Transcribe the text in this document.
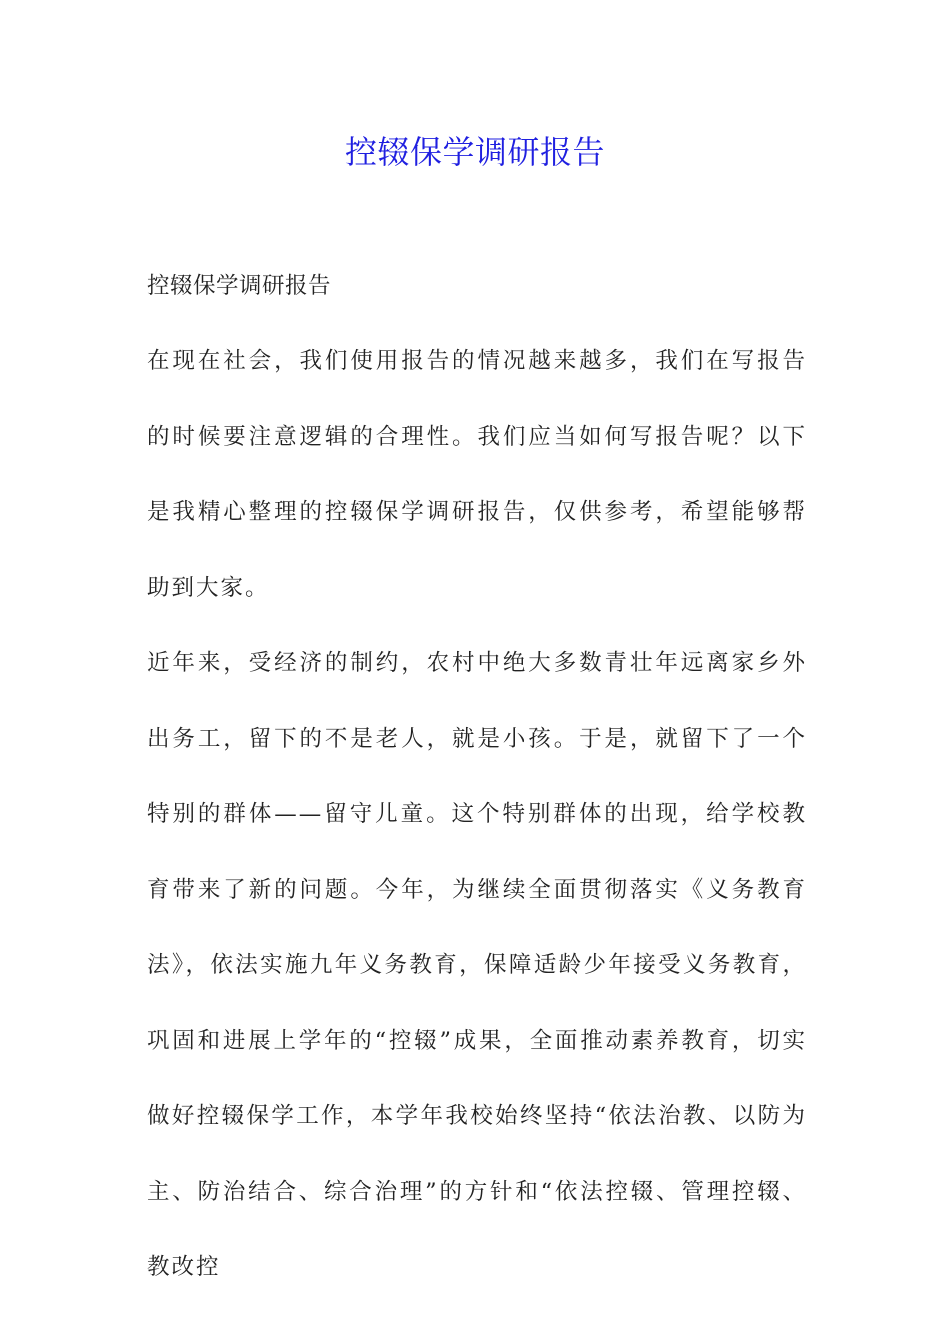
控辍保学调研报告
控辍保学调研报告

在现在社会，我们使用报告的情况越来越多，我们在写报告的时候要注意逻辑的合理性。我们应当如何写报告呢？以下是我精心整理的控辍保学调研报告，仅供参考，希望能够帮助到大家。

近年来，受经济的制约，农村中绝大多数青壮年远离家乡外出务工，留下的不是老人，就是小孩。于是，就留下了一个特别的群体——留守儿童。这个特别群体的出现，给学校教育带来了新的问题。今年，为继续全面贯彻落实《义务教育法》，依法实施九年义务教育，保障适龄少年接受义务教育，巩固和进展上学年的“控辍”成果，全面推动素养教育，切实做好控辍保学工作，本学年我校始终坚持“依法治教、以防为主、防治结合、综合治理”的方针和“依法控辍、管理控辍、教改控
